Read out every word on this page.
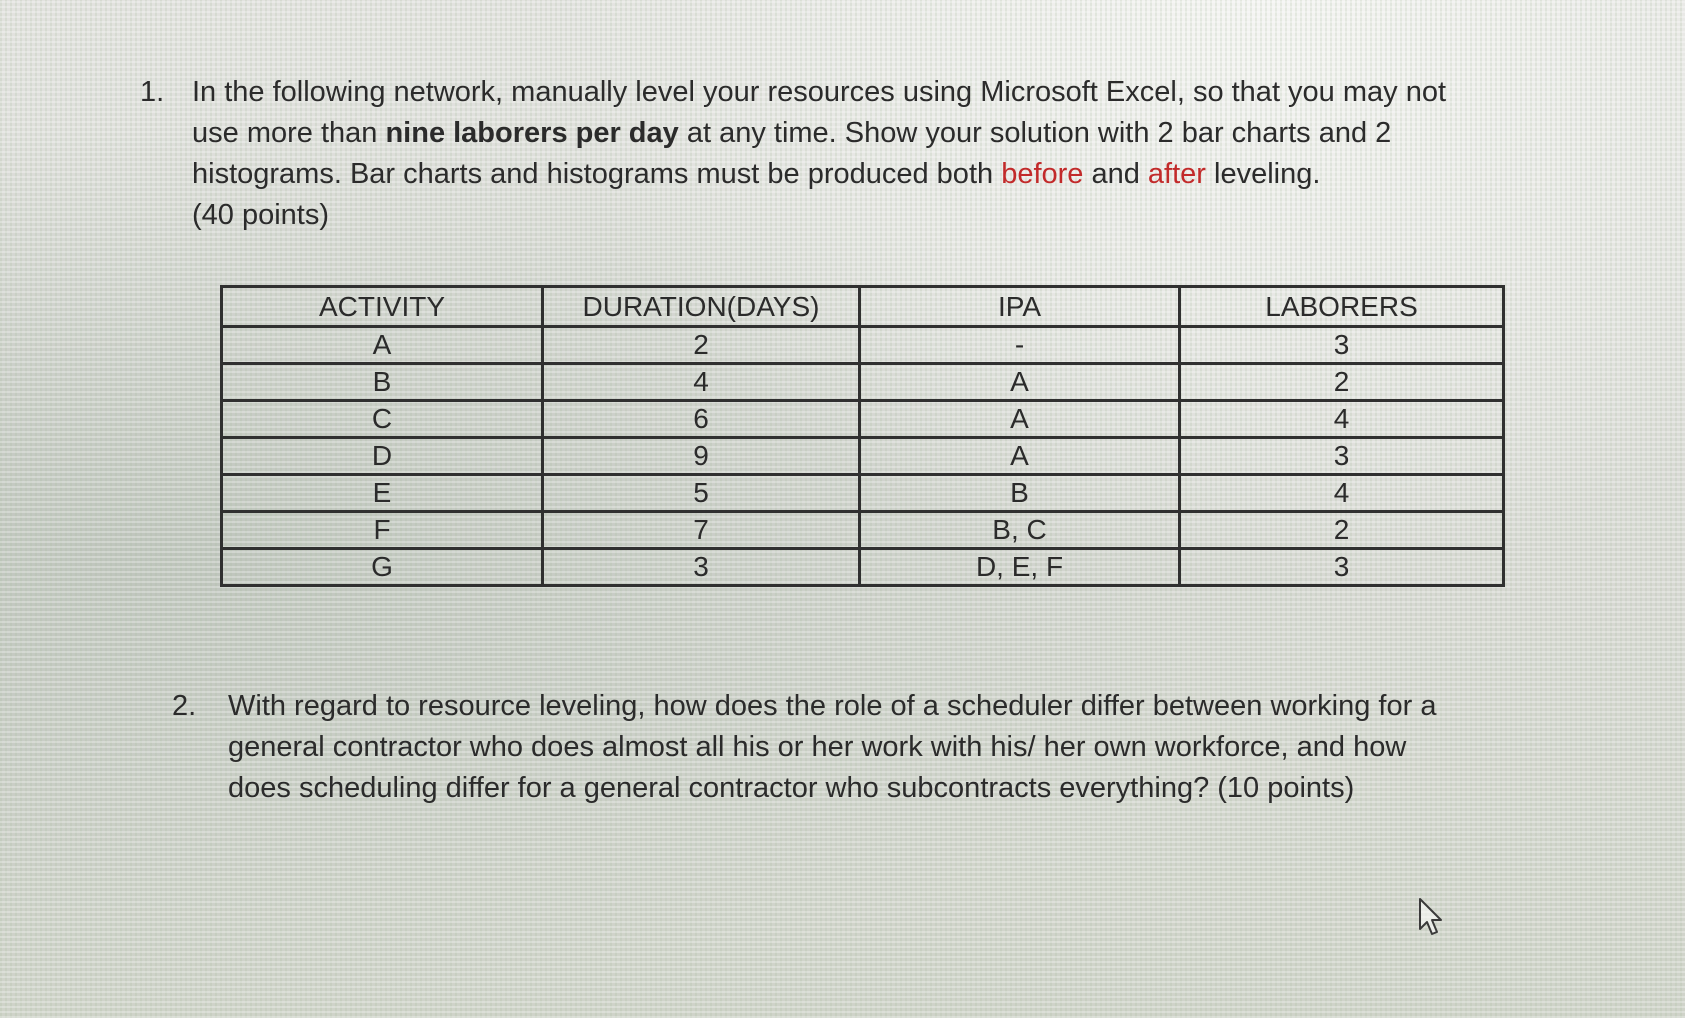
1. In the following network, manually level your resources using Microsoft Excel, so that you may not use more than nine laborers per day at any time. Show your solution with 2 bar charts and 2 histograms. Bar charts and histograms must be produced both before and after leveling.
(40 points)
ACTIVITY	DURATION(DAYS)	IPA	LABORERS
A	2	-	3
B	4	A	2
C	6	A	4
D	9	A	3
E	5	B	4
F	7	B, C	2
G	3	D, E, F	3
2. With regard to resource leveling, how does the role of a scheduler differ between working for a general contractor who does almost all his or her work with his/ her own workforce, and how does scheduling differ for a general contractor who subcontracts everything? (10 points)
